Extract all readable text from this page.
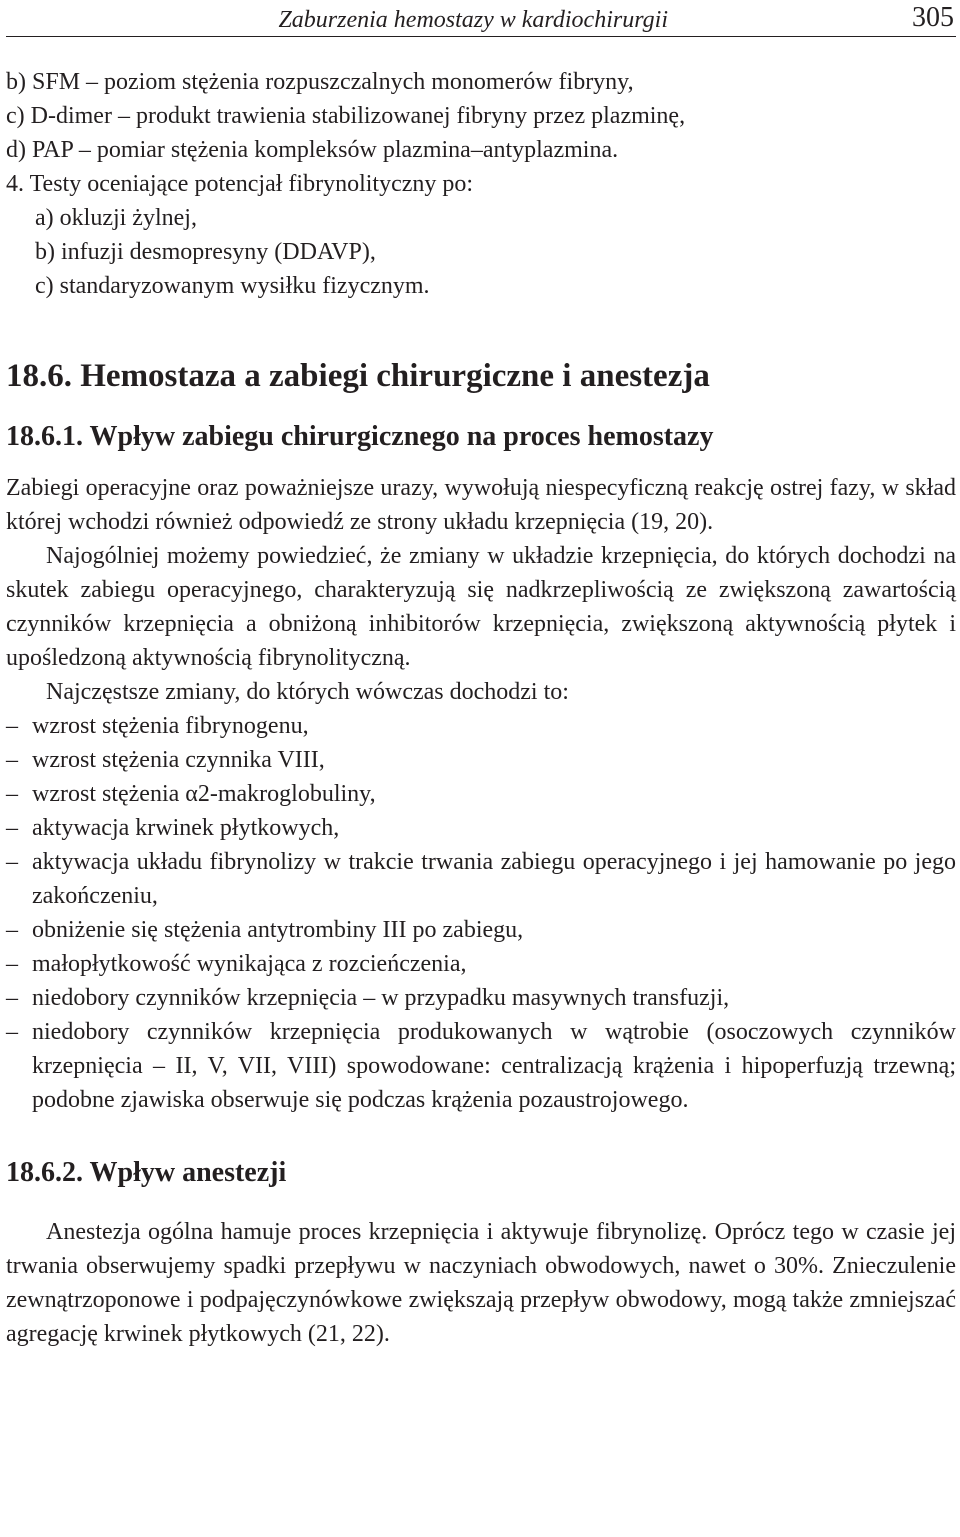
Zaburzenia hemostazy w kardiochirurgii	305

b) SFM – poziom stężenia rozpuszczalnych monomerów fibryny,

c) D-dimer – produkt trawienia stabilizowanej fibryny przez plazminę,

d) PAP – pomiar stężenia kompleksów plazmina–antyplazmina.

4. Testy oceniające potencjał fibrynolityczny po:

a) okluzji żylnej,

b) infuzji desmopresyny (DDAVP),

c) standaryzowanym wysiłku fizycznym.

18.6. Hemostaza a zabiegi chirurgiczne i anestezja
18.6.1. Wpływ zabiegu chirurgicznego na proces hemostazy

Zabiegi operacyjne oraz poważniejsze urazy, wywołują niespecyficzną reakcję ostrej fazy, w skład której wchodzi również odpowiedź ze strony układu krzepnięcia (19, 20).

Najogólniej możemy powiedzieć, że zmiany w układzie krzepnięcia, do których dochodzi na skutek zabiegu operacyjnego, charakteryzują się nadkrzepliwością ze zwiększoną zawartością czynników krzepnięcia a obniżoną inhibitorów krzepnięcia, zwiększoną aktywnością płytek i upośledzoną aktywnością fibrynolityczną.

Najczęstsze zmiany, do których wówczas dochodzi to:

– wzrost stężenia fibrynogenu,
– wzrost stężenia czynnika VIII,
– wzrost stężenia α2-makroglobuliny,
– aktywacja krwinek płytkowych,
– aktywacja układu fibrynolizy w trakcie trwania zabiegu operacyjnego i jej hamowanie po jego zakończeniu,
– obniżenie się stężenia antytrombiny III po zabiegu,
– małopłytkowość wynikająca z rozcieńczenia,
– niedobory czynników krzepnięcia – w przypadku masywnych transfuzji,
– niedobory czynników krzepnięcia produkowanych w wątrobie (osoczowych czynników krzepnięcia – II, V, VII, VIII) spowodowane: centralizacją krążenia i hipoperfuzją trzewną; podobne zjawiska obserwuje się podczas krążenia pozaustrojowego.
18.6.2. Wpływ anestezji

Anestezja ogólna hamuje proces krzepnięcia i aktywuje fibrynolizę. Oprócz tego w czasie jej trwania obserwujemy spadki przepływu w naczyniach obwodowych, nawet o 30%. Znieczulenie zewnątrzoponowe i podpajęczynówkowe zwiększają przepływ obwodowy, mogą także zmniejszać agregację krwinek płytkowych (21, 22).
